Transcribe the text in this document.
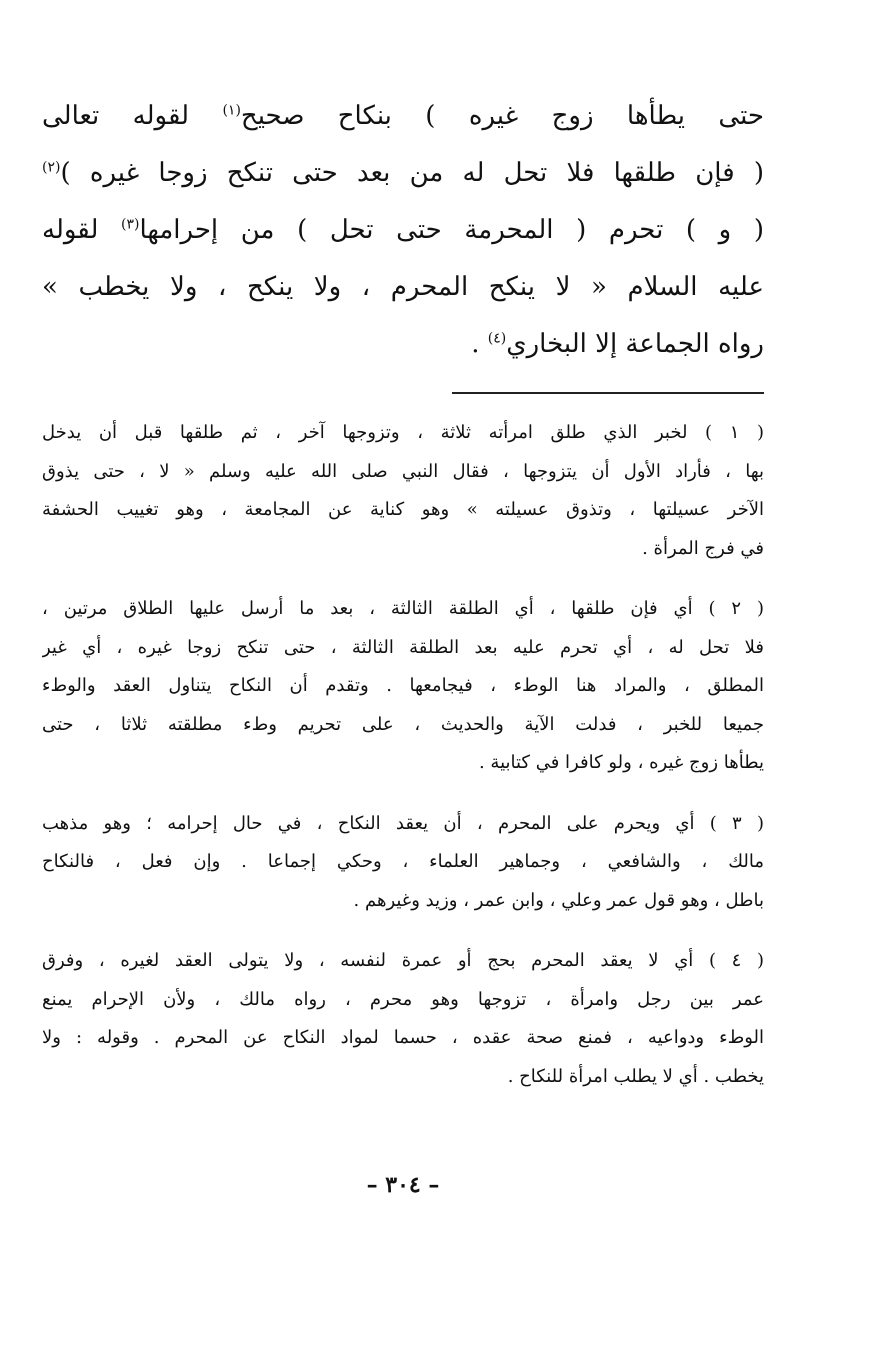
حتى يطأها زوج غيره ) بنكاح صحيح$^{(١)}$ لقوله تعالى
( فإن طلقها فلا تحل له من بعد حتى تنكح زوجا غيره )$^{(٢)}$
( و ) تحرم ( المحرمة حتى تحل ) من إحرامها$^{(٣)}$ لقوله
عليه السلام « لا ينكح المحرم ، ولا ينكح ، ولا يخطب »
رواه الجماعة إلا البخاري$^{(٤)}$ .
( ١ ) لخبر الذي طلق امرأته ثلاثة ، وتزوجها آخر ، ثم طلقها قبل أن يدخل
بها ، فأراد الأول أن يتزوجها ، فقال النبي صلى الله عليه وسلم « لا ، حتى يذوق
الآخر عسيلتها ، وتذوق عسيلته » وهو كناية عن المجامعة ، وهو تغييب الحشفة
في فرج المرأة .
( ٢ ) أي فإن طلقها ، أي الطلقة الثالثة ، بعد ما أرسل عليها الطلاق مرتين ،
فلا تحل له ، أي تحرم عليه بعد الطلقة الثالثة ، حتى تنكح زوجا غيره ، أي غير
المطلق ، والمراد هنا الوطء ، فيجامعها . وتقدم أن النكاح يتناول العقد والوطء
جميعا للخبر ، فدلت الآية والحديث ، على تحريم وطء مطلقته ثلاثا ، حتى
يطأها زوج غيره ، ولو كافرا في كتابية .
( ٣ ) أي ويحرم على المحرم ، أن يعقد النكاح ، في حال إحرامه ؛ وهو مذهب
مالك ، والشافعي ، وجماهير العلماء ، وحكي إجماعا . وإن فعل ، فالنكاح
باطل ، وهو قول عمر وعلي ، وابن عمر ، وزيد وغيرهم .
( ٤ ) أي لا يعقد المحرم بحج أو عمرة لنفسه ، ولا يتولى العقد لغيره ، وفرق
عمر بين رجل وامرأة ، تزوجها وهو محرم ، رواه مالك ، ولأن الإحرام يمنع
الوطء ودواعيه ، فمنع صحة عقده ، حسما لمواد النكاح عن المحرم . وقوله : ولا
يخطب . أي لا يطلب امرأة للنكاح .
– ٣٠٤ –
